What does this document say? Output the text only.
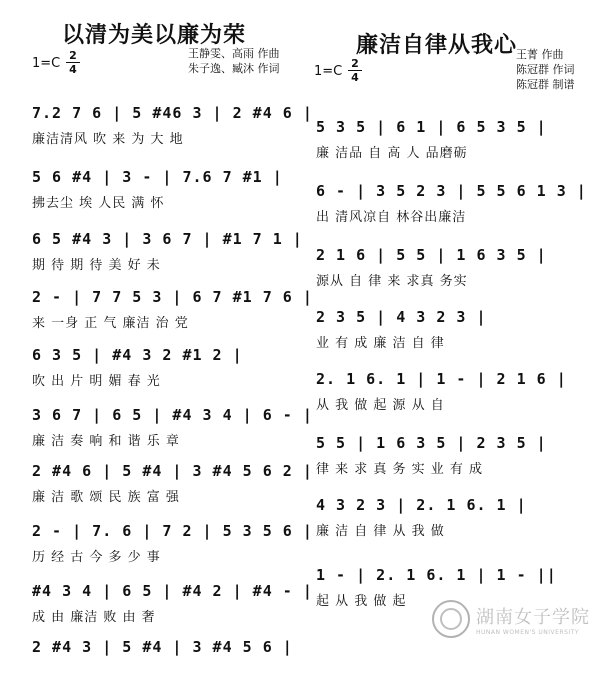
以清为美以廉为荣
1=C
2
4
王静雯、高雨 作曲
朱子逸、臧沐 作词
7.2 7 6 | 5 #46 3 | 2 #4 6 |
廉洁清风 吹 来 为 大 地
5 6 #4 | 3 - | 7.6 7 #1 |
拂去尘 埃 人民 满 怀
6 5 #4 3 | 3 6 7 | #1 7 1 |
期 待 期 待 美 好 未
2 - | 7 7 5 3 | 6 7 #1 7 6 |
来 一身 正 气 廉洁 治 党
6 3 5 | #4 3 2 #1 2 |
吹 出 片 明 媚 春 光
3 6 7 | 6 5 | #4 3 4 | 6 - |
廉 洁 奏 响 和 谐 乐 章
2 #4 6 | 5 #4 | 3 #4 5 6 2 |
廉 洁 歌 颂 民 族 富 强
2 - | 7. 6 | 7 2 | 5 3 5 6 |
历 经 古 今 多 少 事
#4 3 4 | 6 5 | #4 2 | #4 - |
成 由 廉洁 败 由 奢
2 #4 3 | 5 #4 | 3 #4 5 6 |
廉洁自律从我心
1=C
2
4
王菁 作曲
陈冠群 作词
陈冠群 制谱
5 3 5 | 6 1 | 6 5 3 5 |
廉 洁品 自 高 人 品磨砺
6 - | 3 5 2 3 | 5 5 6 1 3 |
出 清风凉自 林谷出廉洁
2 1 6 | 5 5 | 1 6 3 5 |
源从 自 律 来 求真 务实
2 3 5 | 4 3 2 3 |
业 有 成 廉 洁 自 律
2. 1 6. 1 | 1 - | 2 1 6 |
从 我 做 起 源 从 自
5 5 | 1 6 3 5 | 2 3 5 |
律 来 求 真 务 实 业 有 成
4 3 2 3 | 2. 1 6. 1 |
廉 洁 自 律 从 我 做
1 - | 2. 1 6. 1 | 1 - ||
起 从 我 做 起
湖南女子学院
HUNAN WOMEN'S UNIVERSITY
